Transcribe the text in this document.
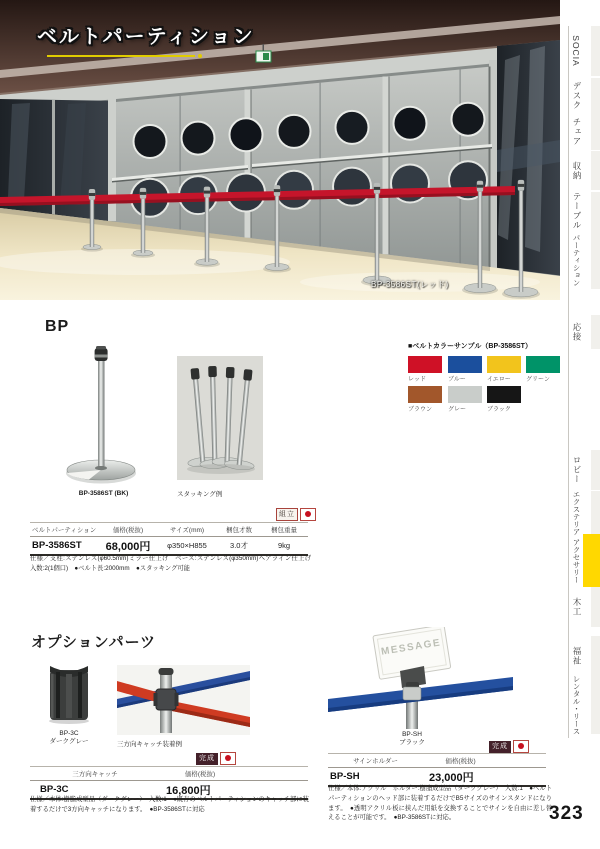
ベルトパーティション
BP-3586ST(レッド)
SOCIA
デスク
チェア
収納
テーブル
パーティション
応接
ロビー
エクステリア
アクセサリー
木工
福祉
レンタル・リース
323
BP
BP-3586ST (BK)	スタッキング例
■ベルトカラーサンプル（BP-3586ST）
レッド	ブルー	イエロー	グリーン
ブラウン	グレー	ブラック
組立
ベルトパーティション	価格(税抜)	サイズ(mm)	梱包才数	梱包重量
BP-3586ST	68,000円	φ350×H855	3.0才	9kg
仕様／支柱:ステンレス(φ60.5mm)ミラー仕上げ　ベース:ステンレス(φ350mm)ヘアライン仕上げ　入数:2(1個口)　●ベルト長:2000mm　●スタッキング可能
オプションパーツ
BP-3C
ダークグレー	三方向キャッチ装着例
完成
三方向キャッチ	価格(税抜)
BP-3C	16,800円
仕様／本体:樹脂成型品（ダークグレー）　入数:1　●既存のベルトパーティションのキャッチ部に装着するだけで3方向キャッチになります。　●BP-3586STに対応
MESSAGE
BP-SH
ブラック	完成
サインホルダー	価格(税抜)
BP-SH	23,000円
仕様／本体:アクリル　ホルダー:樹脂成型品（ダークグレー）　入数:1　●ベルトパーティションのヘッド部に装着するだけでB5サイズのサインスタンドになります。　●透明アクリル板に挟んだ用紙を交換することでサインを自由に差し替えることが可能です。　●BP-3586STに対応。
